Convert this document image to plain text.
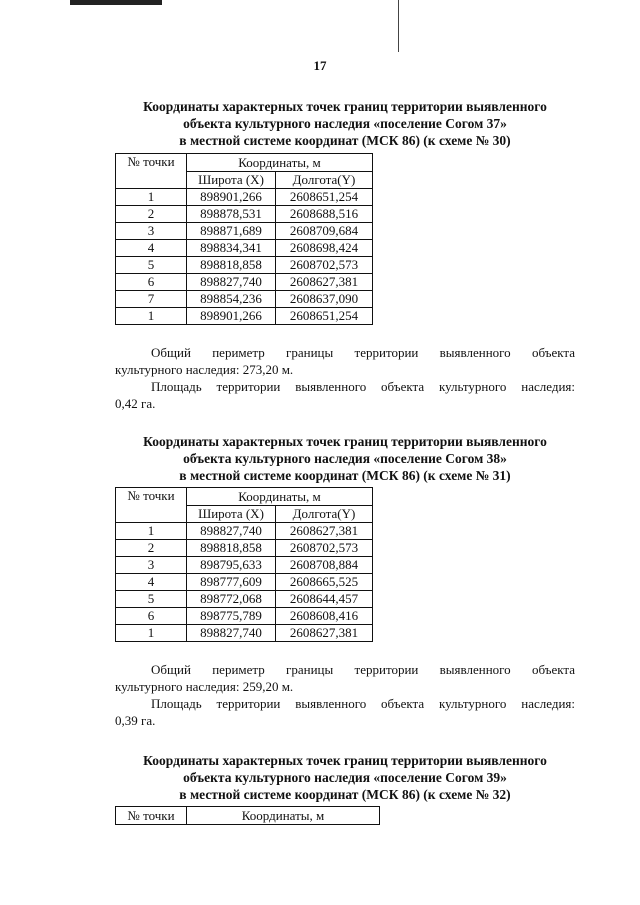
17
Координаты характерных точек границ территории выявленного
объекта культурного наследия «поселение Согом 37»
в местной системе координат (МСК 86) (к схеме № 30)
№ точки	Координаты, м	
	Широта (X)	Долгота(Y)
1	898901,266	2608651,254
2	898878,531	2608688,516
3	898871,689	2608709,684
4	898834,341	2608698,424
5	898818,858	2608702,573
6	898827,740	2608627,381
7	898854,236	2608637,090
1	898901,266	2608651,254
Общий периметр границы территории выявленного объекта
культурного наследия: 273,20 м.
Площадь территории выявленного объекта культурного наследия:
0,42 га.
Координаты характерных точек границ территории выявленного
объекта культурного наследия «поселение Согом 38»
в местной системе координат (МСК 86) (к схеме № 31)
№ точки	Координаты, м	
	Широта (X)	Долгота(Y)
1	898827,740	2608627,381
2	898818,858	2608702,573
3	898795,633	2608708,884
4	898777,609	2608665,525
5	898772,068	2608644,457
6	898775,789	2608608,416
1	898827,740	2608627,381
Общий периметр границы территории выявленного объекта
культурного наследия: 259,20 м.
Площадь территории выявленного объекта культурного наследия:
0,39 га.
Координаты характерных точек границ территории выявленного
объекта культурного наследия «поселение Согом 39»
в местной системе координат (МСК 86) (к схеме № 32)
№ точки	Координаты, м
